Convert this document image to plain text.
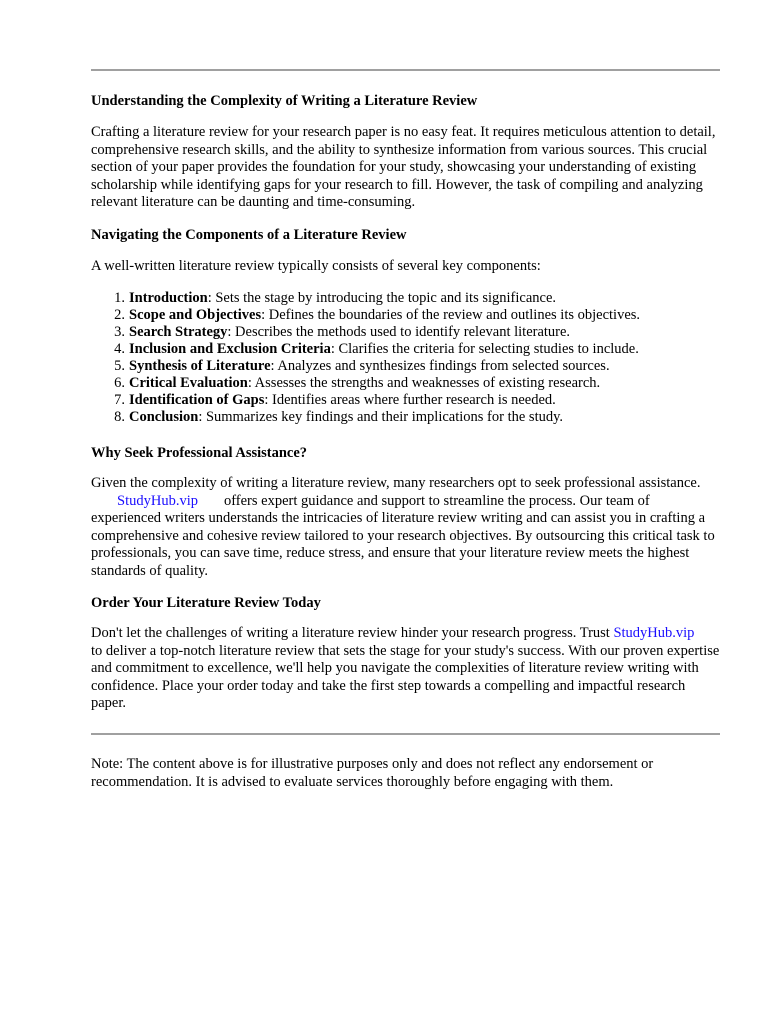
Understanding the Complexity of Writing a Literature Review

Crafting a literature review for your research paper is no easy feat. It requires meticulous attention to detail, comprehensive research skills, and the ability to synthesize information from various sources. This crucial section of your paper provides the foundation for your study, showcasing your understanding of existing scholarship while identifying gaps for your research to fill. However, the task of compiling and analyzing relevant literature can be daunting and time-consuming.

Navigating the Components of a Literature Review

A well-written literature review typically consists of several key components:

1. Introduction: Sets the stage by introducing the topic and its significance.
2. Scope and Objectives: Defines the boundaries of the review and outlines its objectives.
3. Search Strategy: Describes the methods used to identify relevant literature.
4. Inclusion and Exclusion Criteria: Clarifies the criteria for selecting studies to include.
5. Synthesis of Literature: Analyzes and synthesizes findings from selected sources.
6. Critical Evaluation: Assesses the strengths and weaknesses of existing research.
7. Identification of Gaps: Identifies areas where further research is needed.
8. Conclusion: Summarizes key findings and their implications for the study.
Why Seek Professional Assistance?

Given the complexity of writing a literature review, many researchers opt to seek professional assistance.StudyHub.vip offers expert guidance and support to streamline the process. Our team of experienced writers understands the intricacies of literature review writing and can assist you in crafting a comprehensive and cohesive review tailored to your research objectives. By outsourcing this critical task to professionals, you can save time, reduce stress, and ensure that your literature review meets the highest standards of quality.

Order Your Literature Review Today

Don't let the challenges of writing a literature review hinder your research progress. Trust StudyHub.vipto deliver a top-notch literature review that sets the stage for your study's success. With our proven expertise and commitment to excellence, we'll help you navigate the complexities of literature review writing with confidence. Place your order today and take the first step towards a compelling and impactful research paper.

Note: The content above is for illustrative purposes only and does not reflect any endorsement or recommendation. It is advised to evaluate services thoroughly before engaging with them.
